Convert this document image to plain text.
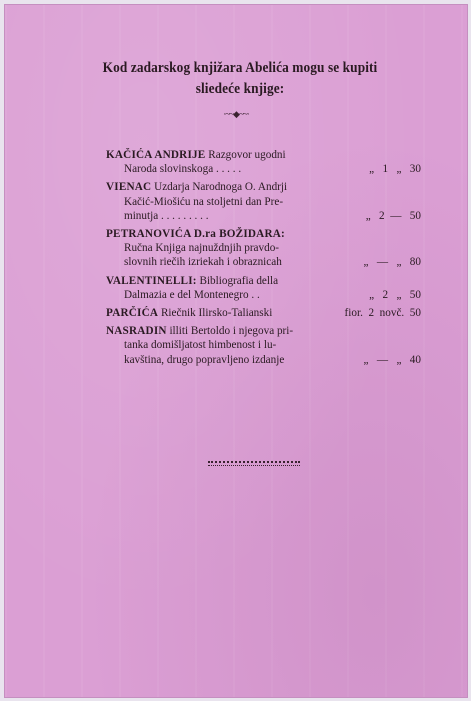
Kod zadarskog knjižara Abelića mogu se kupiti
sliedeće knjige:
·~~◆~~·
KAČIĆA ANDRIJE Razgovor ugodni
Naroda slovinskoga . . . . .	„   1   „   30
VIENAC Uzdarja Narodnoga O. Andrji
Kačić-Miošiću na stoljetni dan Pre-
minutja . . . . . . . . .	„   2  —   50
PETRANOVIĆA D.ra BOŽIDARA:
Ručna Knjiga najnuždnjih pravdo-
slovnih riečih izriekah i obraznicah	„   —   „   80
VALENTINELLI: Bibliografia della
Dalmazia e del Montenegro . .	„   2   „   50
PARČIĆA Riečnik Ilirsko-Talianski	fior.  2  novč.  50
NASRADIN illiti Bertoldo i njegova pri-
tanka domišljatost himbenost i lu-
kavština, drugo popravljeno izdanje	„   —   „   40
